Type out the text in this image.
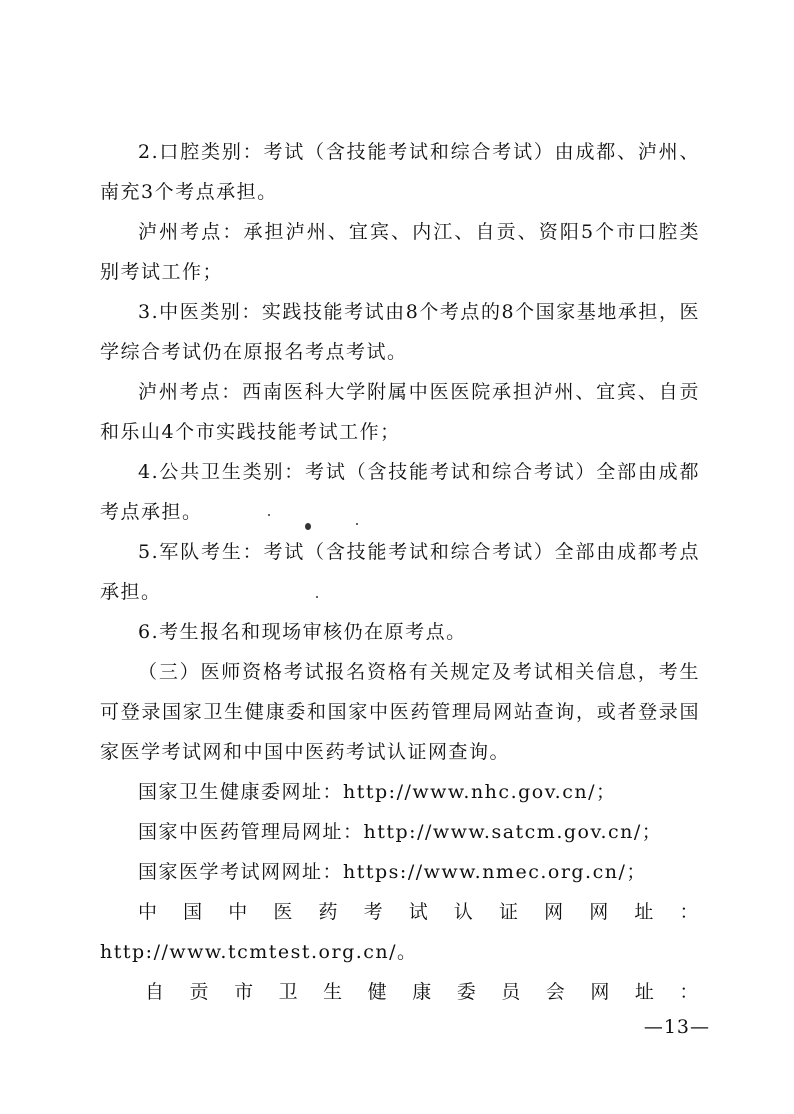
2.口腔类别：考试（含技能考试和综合考试）由成都、泸州、南充3个考点承担。

泸州考点：承担泸州、宜宾、内江、自贡、资阳5个市口腔类别考试工作；

3.中医类别：实践技能考试由8个考点的8个国家基地承担，医学综合考试仍在原报名考点考试。

泸州考点：西南医科大学附属中医医院承担泸州、宜宾、自贡和乐山4个市实践技能考试工作；

4.公共卫生类别：考试（含技能考试和综合考试）全部由成都考点承担。

5.军队考生：考试（含技能考试和综合考试）全部由成都考点承担。

6.考生报名和现场审核仍在原考点。

（三）医师资格考试报名资格有关规定及考试相关信息，考生可登录国家卫生健康委和国家中医药管理局网站查询，或者登录国家医学考试网和中国中医药考试认证网查询。

国家卫生健康委网址：http://www.nhc.gov.cn/；

国家中医药管理局网址：http://www.satcm.gov.cn/；

国家医学考试网网址：https://www.nmec.org.cn/；

中国中医药考试认证网网址：http://www.tcmtest.org.cn/。

自 贡 市 卫 生 健 康 委 员 会 网 址 ：

—13—
